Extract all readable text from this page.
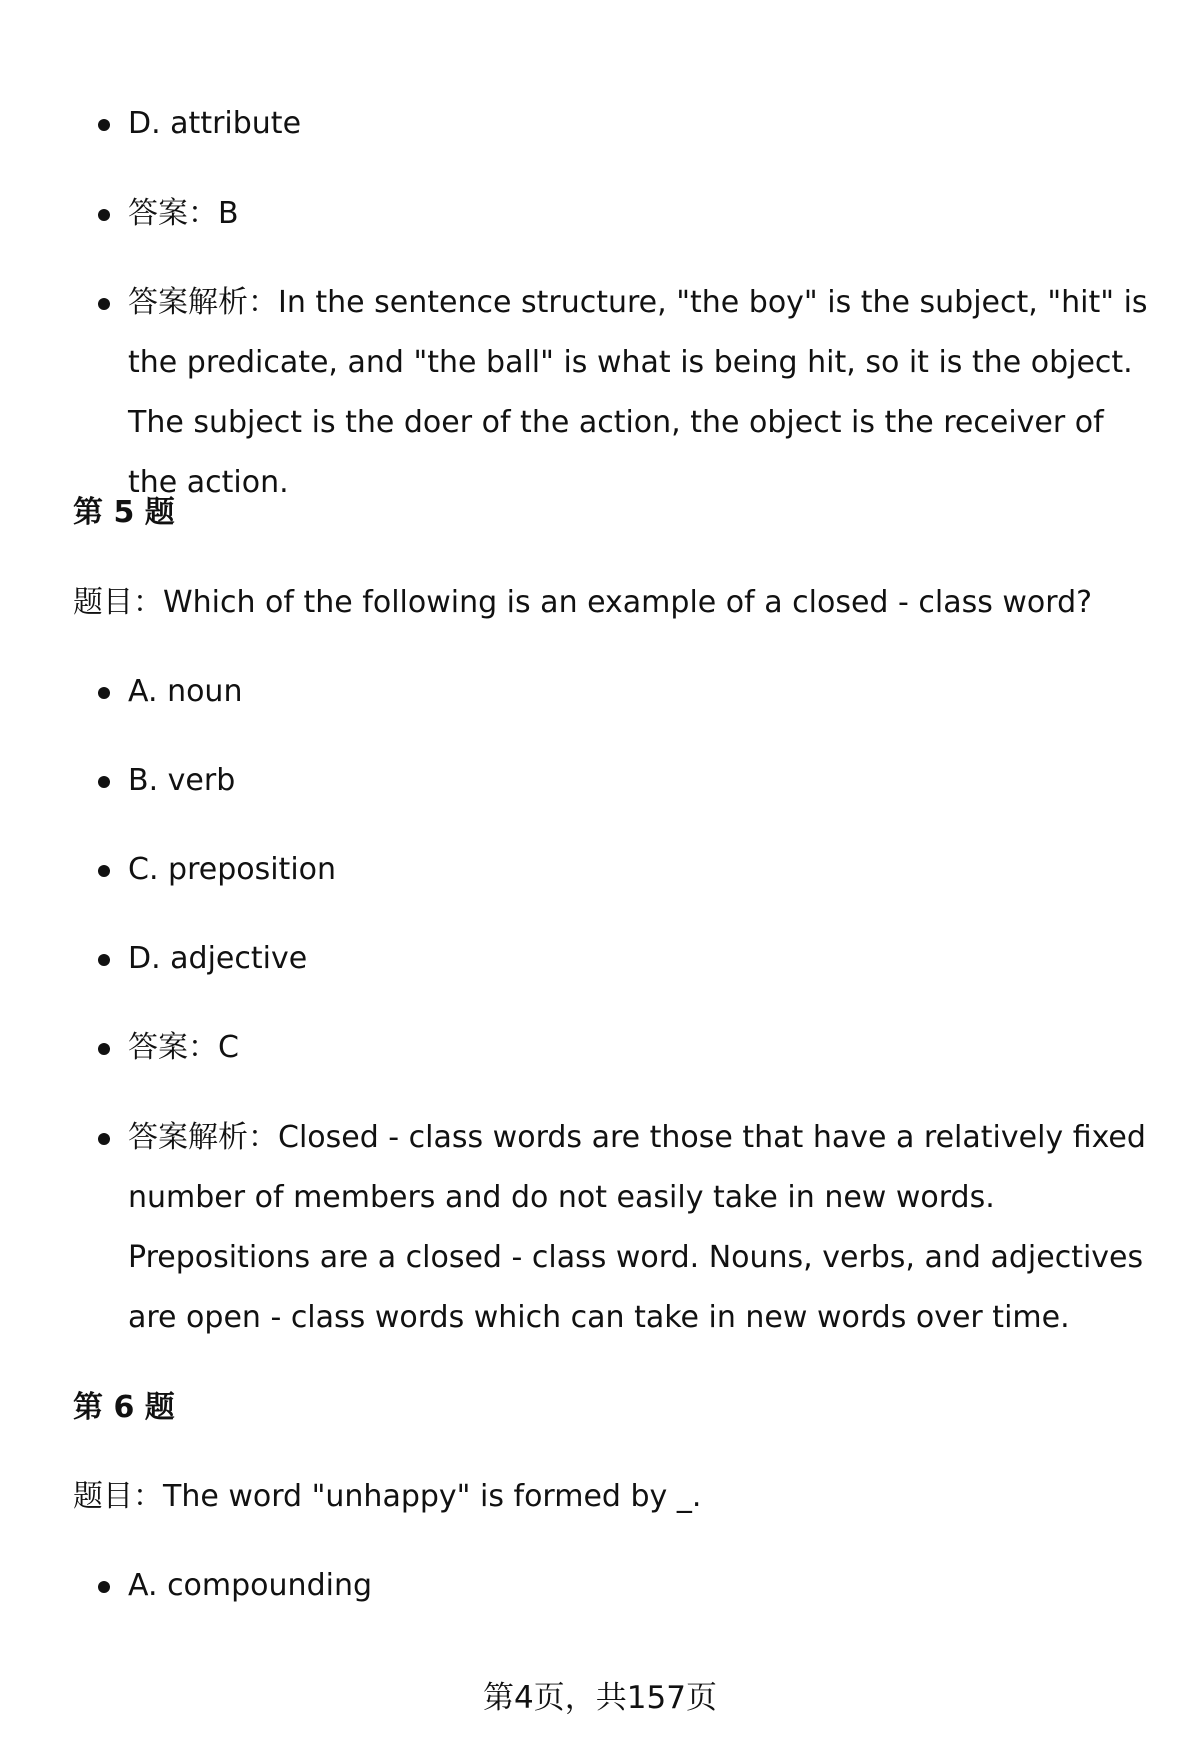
D. attribute
答案：B
答案解析：In the sentence structure, "the boy" is the subject, "hit" is the predicate, and "the ball" is what is being hit, so it is the object. The subject is the doer of the action, the object is the receiver of the action.
第 5 题
题目：Which of the following is an example of a closed - class word?
A. noun
B. verb
C. preposition
D. adjective
答案：C
答案解析：Closed - class words are those that have a relatively fixed number of members and do not easily take in new words. Prepositions are a closed - class word. Nouns, verbs, and adjectives are open - class words which can take in new words over time.
第 6 题
题目：The word "unhappy" is formed by _.
A. compounding
第4页，共157页
